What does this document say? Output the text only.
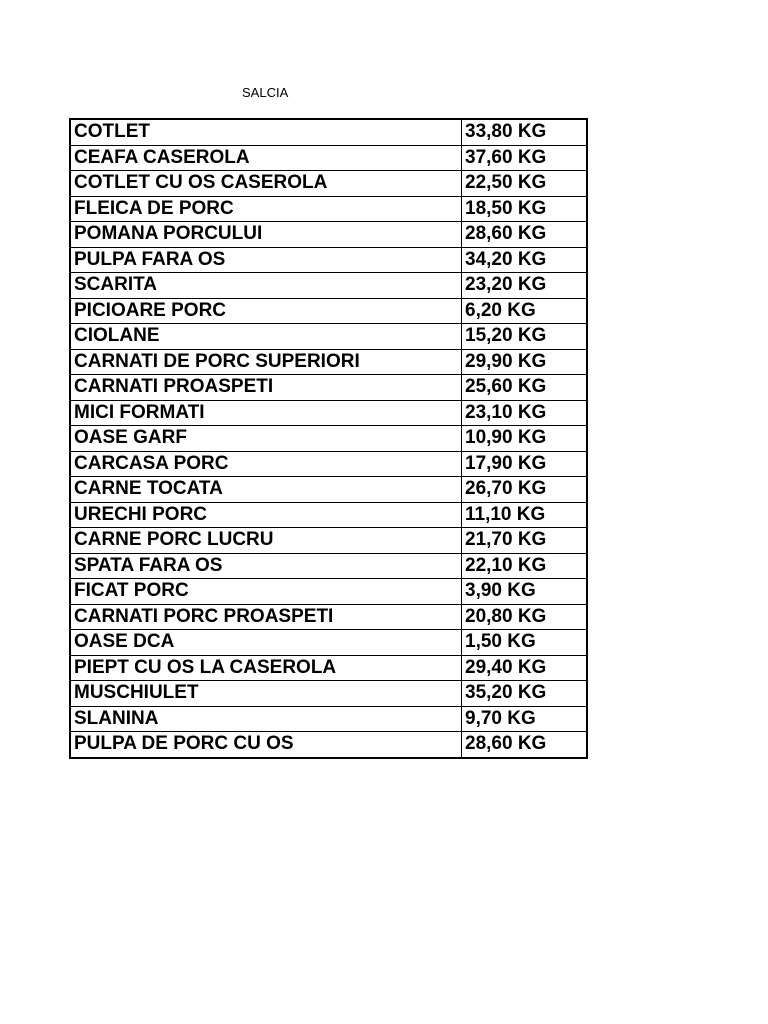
SALCIA
COTLET	33,80 KG
CEAFA CASEROLA	37,60 KG
COTLET CU OS CASEROLA	22,50 KG
FLEICA DE PORC	18,50 KG
POMANA PORCULUI	28,60 KG
PULPA FARA OS	34,20 KG
SCARITA	23,20 KG
PICIOARE PORC	6,20 KG
CIOLANE	15,20 KG
CARNATI DE PORC SUPERIORI	29,90 KG
CARNATI PROASPETI	25,60 KG
MICI FORMATI	23,10 KG
OASE GARF	10,90 KG
CARCASA PORC	17,90 KG
CARNE TOCATA	26,70 KG
URECHI PORC	11,10 KG
CARNE PORC LUCRU	21,70 KG
SPATA FARA OS	22,10 KG
FICAT PORC	3,90 KG
CARNATI PORC PROASPETI	20,80 KG
OASE DCA	1,50 KG
PIEPT CU OS LA CASEROLA	29,40 KG
MUSCHIULET	35,20 KG
SLANINA	9,70 KG
PULPA DE PORC CU OS	28,60 KG
